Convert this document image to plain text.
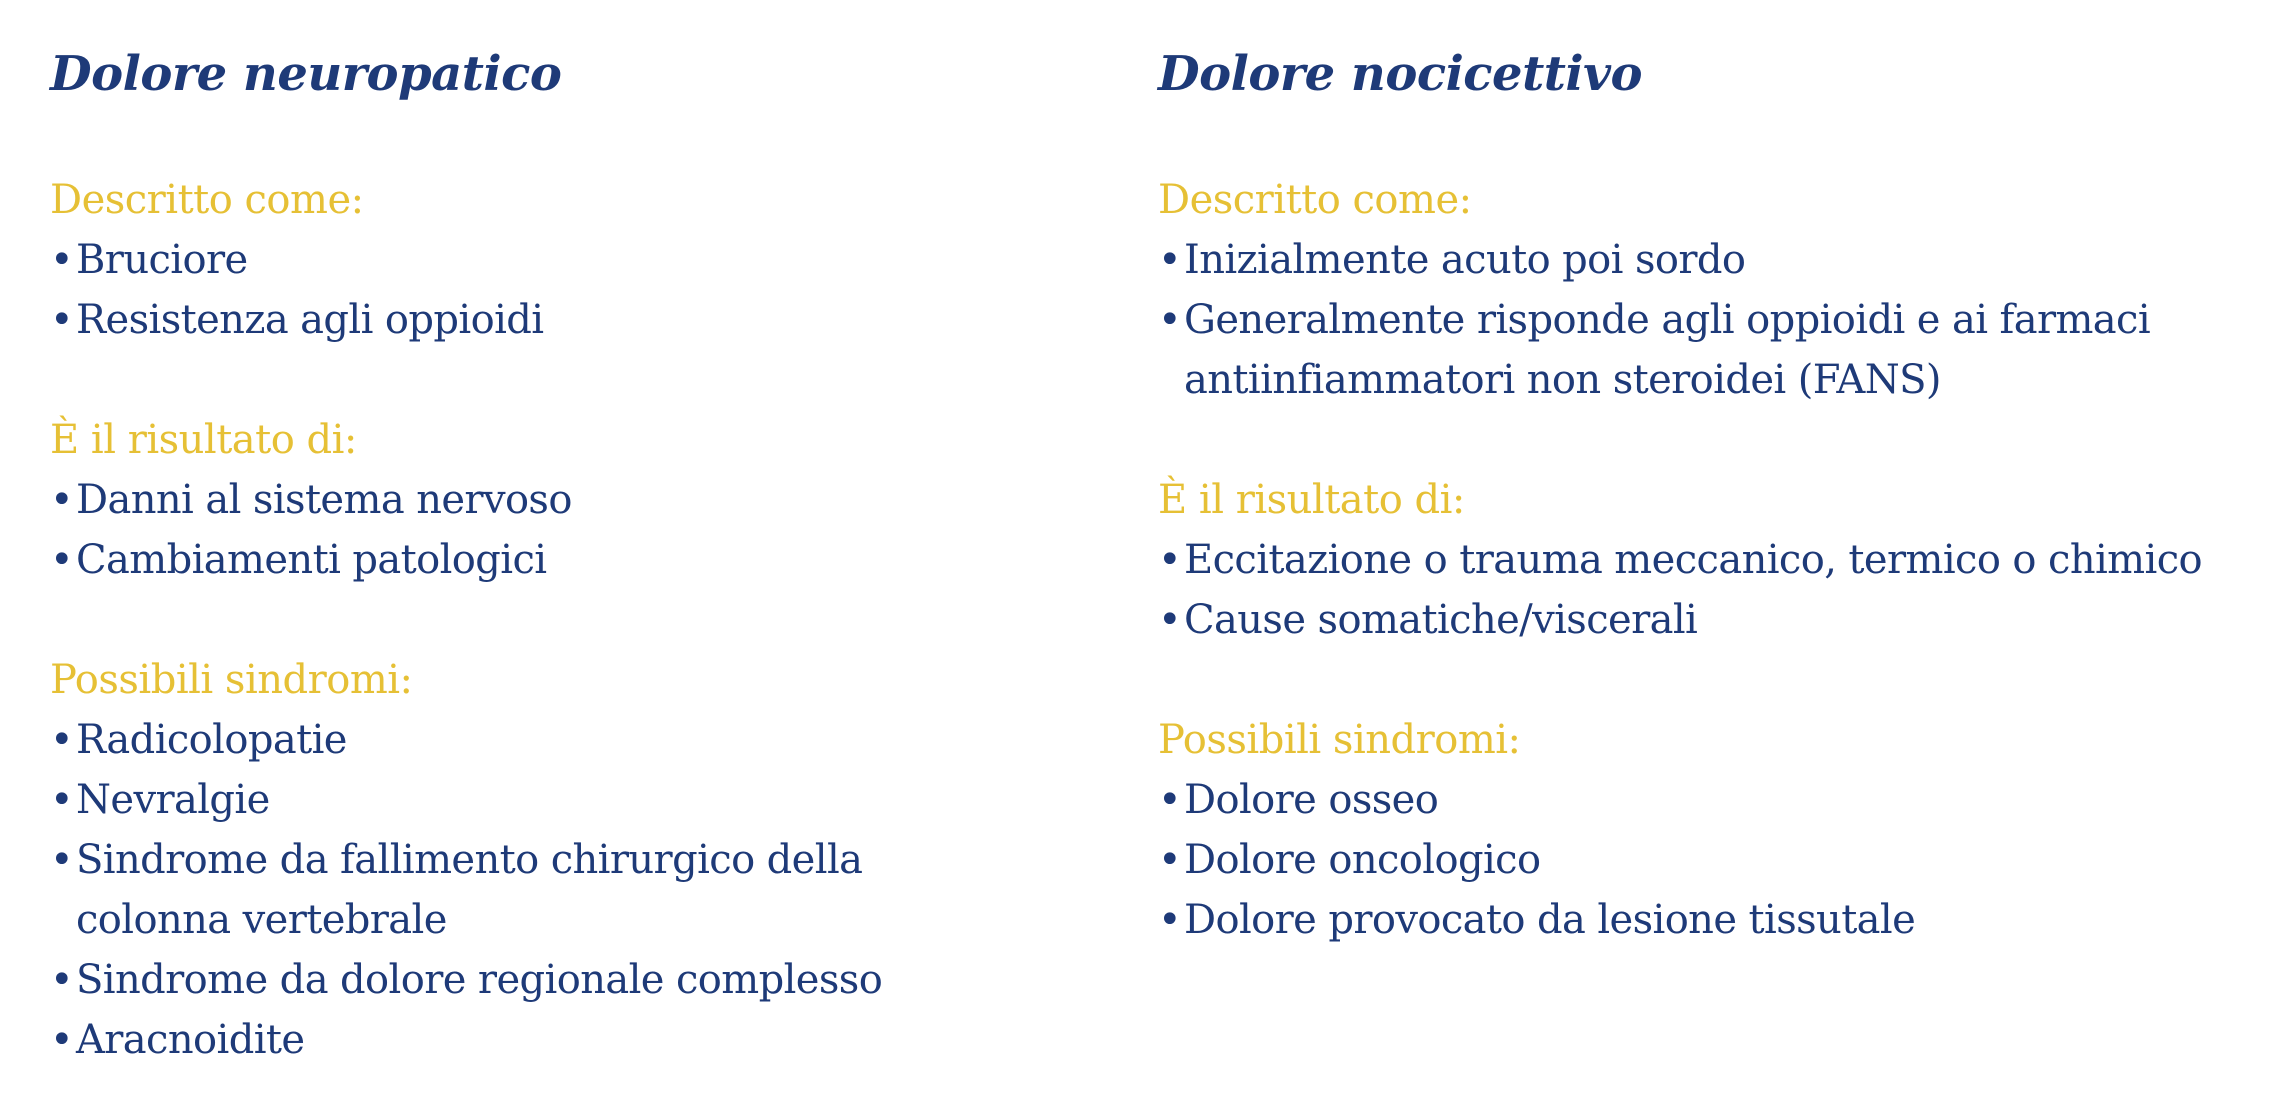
Dolore neuropatico

Descritto come:

• Bruciore
• Resistenza agli oppioidi

È il risultato di:

• Danni al sistema nervoso
• Cambiamenti patologici

Possibili sindromi:

• Radicolopatie
• Nevralgie
• Sindrome da fallimento chirurgico della colonna vertebrale
• Sindrome da dolore regionale complesso
• Aracnoidite
Dolore nocicettivo

Descritto come:

• Inizialmente acuto poi sordo
• Generalmente risponde agli oppioidi e ai farmaci antiinfiammatori non steroidei (FANS)

È il risultato di:

• Eccitazione o trauma meccanico, termico o chimico
• Cause somatiche/viscerali

Possibili sindromi:

• Dolore osseo
• Dolore oncologico
• Dolore provocato da lesione tissutale
